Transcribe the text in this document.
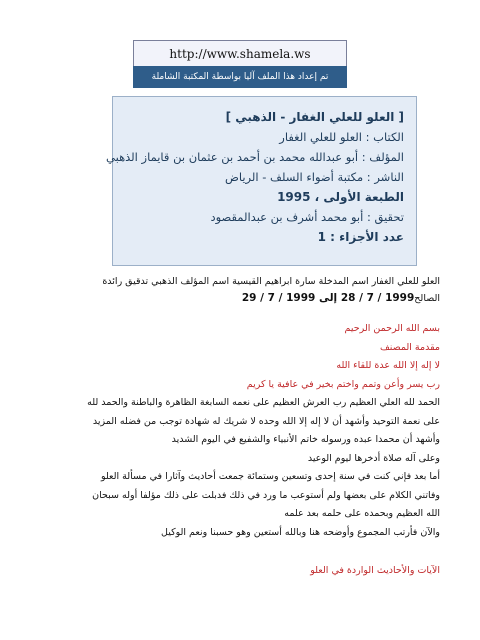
http://www.shamela.ws
تم إعداد هذا الملف آليا بواسطة المكتبة الشاملة
[ العلو للعلي الغفار - الذهبي ]
الكتاب : العلو للعلي الغفار
المؤلف : أبو عبدالله محمد بن أحمد بن عثمان بن قايماز الذهبي
الناشر : مكتبة أضواء السلف - الرياض
الطبعة الأولى ، 1995
تحقيق : أبو محمد أشرف بن عبدالمقصود
عدد الأجزاء : 1
العلو للعلي الغفار اسم المدخلة سارة ابراهيم القيسية اسم المؤلف الذهبي تدقيق رائدة
الصالح1999 / 7 / 28 إلى 1999 / 7 / 29
بسم الله الرحمن الرحيم
مقدمة المصنف
لا إله إلا الله عدة للقاء الله
رب يسر وأعن وتمم واختم بخير في عافية يا كريم
الحمد لله العلي العظيم رب العرش العظيم على نعمه السابغة الظاهرة والباطنة والحمد لله
على نعمة التوحيد وأشهد أن لا إله إلا الله وحده لا شريك له شهادة توجب من فضله المزيد
وأشهد أن محمدا عبده ورسوله خاتم الأنبياء والشفيع في اليوم الشديد
وعلى آله صلاة أدخرها ليوم الوعيد
أما بعد فإني كنت في سنة إحدى وتسعين وستمائة جمعت أحاديث وآثارا في مسألة العلو
وفاتني الكلام على بعضها ولم أستوعب ما ورد في ذلك فدبلت على ذلك مؤلفا أوله سبحان
الله العظيم وبحمده على حلمه بعد علمه
والآن فأرتب المجموع وأوضحه هنا وبالله أستعين وهو حسبنا ونعم الوكيل
الآيات والأحاديث الواردة في العلو
